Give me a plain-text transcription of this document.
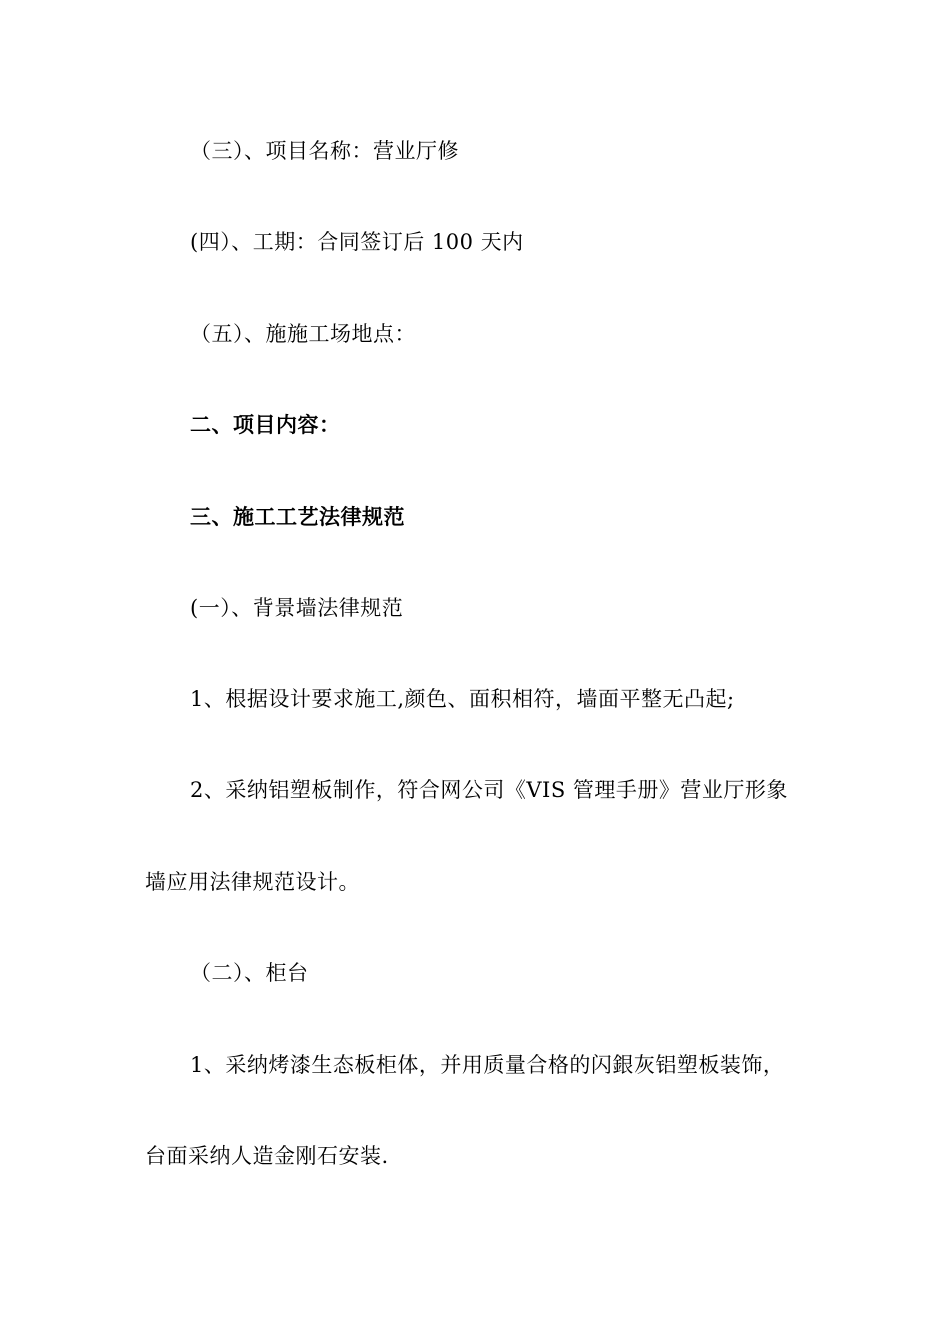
（三）、项目名称：营业厅修
(四）、工期：合同签订后 100 天内
（五）、施施工场地点：
二、项目内容：
三、施工工艺法律规范
(一）、背景墙法律规范
1、根据设计要求施工,颜色、面积相符，墙面平整无凸起;
2、采纳铝塑板制作，符合网公司《VIS 管理手册》营业厅形象
墙应用法律规范设计。
（二）、柜台
1、采纳烤漆生态板柜体，并用质量合格的闪銀灰铝塑板装饰，
台面采纳人造金刚石安装.
